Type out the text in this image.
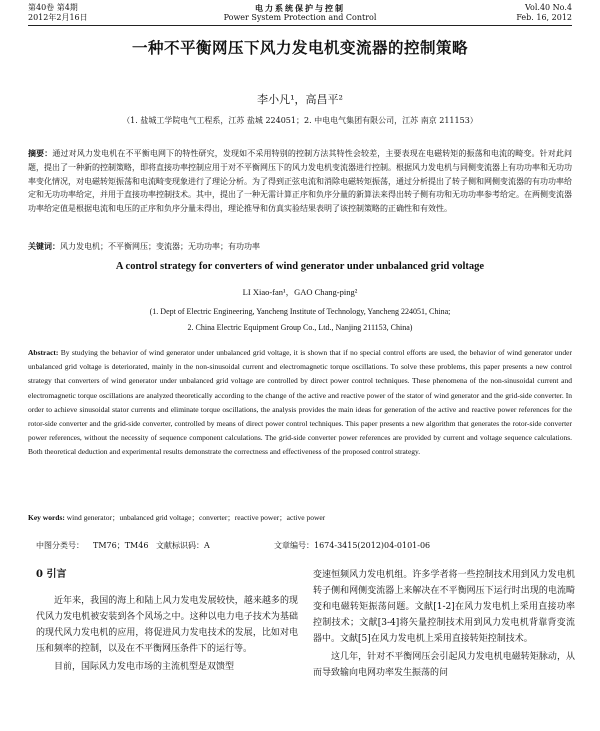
第40卷 第4期
2012年2月16日
电力系统保护与控制
Power System Protection and Control
Vol.40 No.4
Feb. 16, 2012
一种不平衡网压下风力发电机变流器的控制策略
李小凡¹，高昌平²
（1. 盐城工学院电气工程系，江苏 盐城 224051；2. 中电电气集团有限公司，江苏 南京 211153）
摘要：通过对风力发电机在不平衡电网下的特性研究，发现如不采用特别的控制方法其特性会较差，主要表现在电磁转矩的振荡和电流的畸变。针对此问题，提出了一种新的控制策略，即将直接功率控制应用于对不平衡网压下的风力发电机变流器进行控制。根据风力发电机与同侧变流器上有功功率和无功功率变化情况，对电磁转矩振荡和电流畸变现象进行了理论分析。为了得到正弦电流和消除电磁转矩振荡，通过分析提出了转子侧和网侧变流器的有功功率给定和无功功率给定，并用于直接功率控制技术。其中，提出了一种无需计算正序和负序分量的新算法来得出转子侧有功和无功功率参考给定。在两侧变流器功率给定值是根据电流和电压的正序和负序分量未得出，理论推导和仿真实验结果表明了该控制策略的正确性和有效性。
关键词：风力发电机；不平衡网压；变流器；无功功率；有功功率
A control strategy for converters of wind generator under unbalanced grid voltage
LI Xiao-fan¹，GAO Chang-ping²
(1. Dept of Electric Engineering, Yancheng Institute of Technology, Yancheng 224051, China;
2. China Electric Equipment Group Co., Ltd., Nanjing 211153, China)
Abstract: By studying the behavior of wind generator under unbalanced grid voltage, it is shown that if no special control efforts are used, the behavior of wind generator under unbalanced grid voltage is deteriorated, mainly in the non-sinusoidal current and electromagnetic torque oscillations. To solve these problems, this paper presents a new control strategy that converters of wind generator under unbalanced grid voltage are controlled by direct power control techniques. These phenomena of the non-sinusoidal current and electromagnetic torque oscillations are analyzed theoretically according to the change of the active and reactive power of the stator of wind generator and the grid-side converter. In order to achieve sinusoidal stator currents and eliminate torque oscillations, the analysis provides the main ideas for generation of the active and reactive power references for the rotor-side converter and the grid-side converter, controlled by means of direct power control techniques. This paper presents a new algorithm that generates the rotor-side converter power references, without the necessity of sequence component calculations. The grid-side converter power references are provided by current and voltage sequence calculations. Both theoretical deduction and experimental results demonstrate the correctness and effectiveness of the proposed control strategy.
Key words: wind generator；unbalanced grid voltage；converter；reactive power；active power
中图分类号： TM76；TM46 文献标识码：A	文章编号：1674-3415(2012)04-0101-06
0 引言

近年来，我国的海上和陆上风力发电发展较快，越来越多的现代风力发电机被安装到各个风场之中。这种以电力电子技术为基础的现代风力发电机的应用，将促进风力发电技术的发展，比如对电压和频率的控制，以及在不平衡网压条件下的运行等。

目前，国际风力发电市场的主流机型是双馈型

变速恒频风力发电机组。许多学者将一些控制技术用到风力发电机转子侧和网侧变流器上来解决在不平衡网压下运行时出现的电流畸变和电磁转矩振荡问题。文献[1-2]在风力发电机上采用直接功率控制技术；文献[3-4]将矢量控制技术用到风力发电机背靠背变流器中。文献[5]在风力发电机上采用直接转矩控制技术。

这几年，针对不平衡网压会引起风力发电机电磁转矩脉动，从而导致输向电网功率发生振荡的问
